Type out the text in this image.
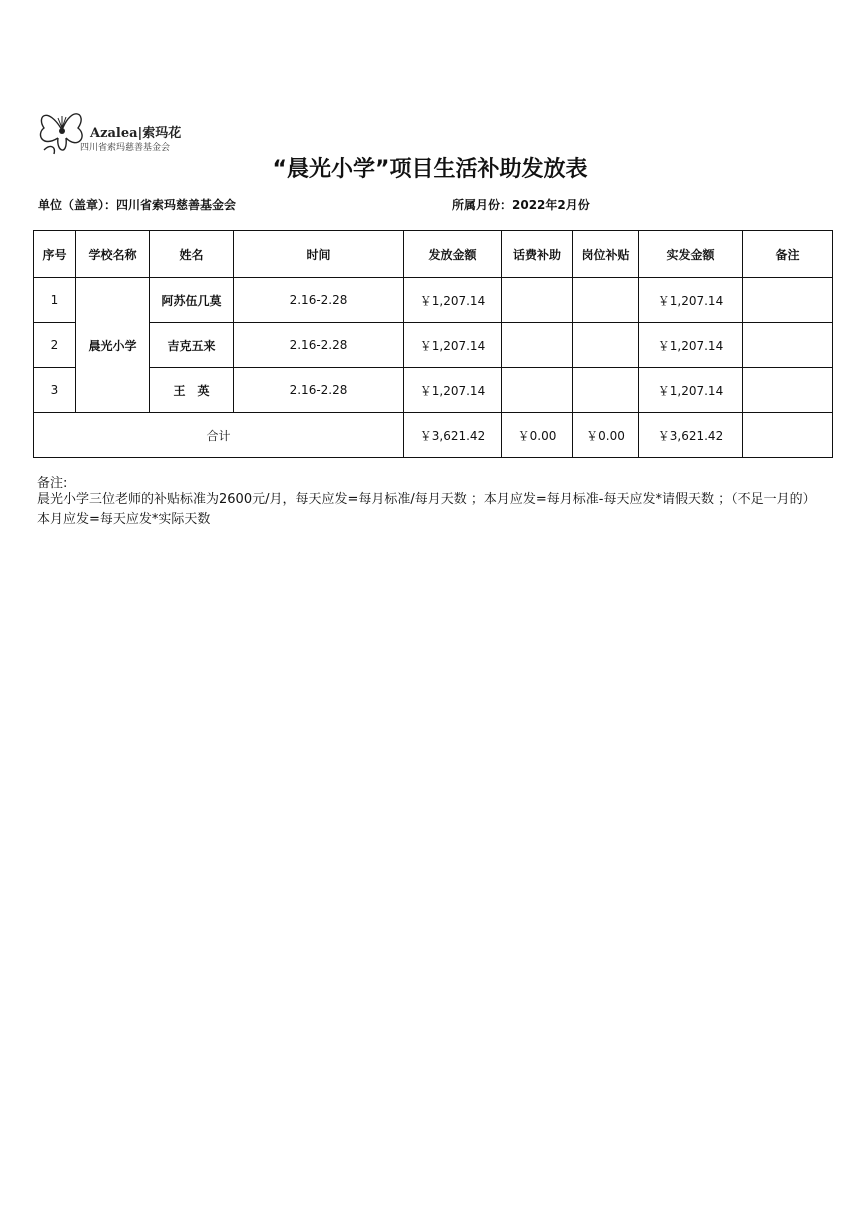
Azalea|索玛花
四川省索玛慈善基金会
“晨光小学”项目生活补助发放表
单位（盖章）：四川省索玛慈善基金会	所属月份：2022年2月份
序号	学校名称	姓名	时间	发放金额	话费补助	岗位补贴	实发金额	备注
1	晨光小学	阿苏伍几莫	2.16-2.28	￥1,207.14			￥1,207.14	
2		吉克五来	2.16-2.28	￥1,207.14			￥1,207.14	
3		王　英	2.16-2.28	￥1,207.14			￥1,207.14	
合计				￥3,621.42	￥0.00	￥0.00	￥3,621.42	
备注:
晨光小学三位老师的补贴标准为2600元/月，每天应发=每月标准/每月天数 ；本月应发=每月标准-每天应发*请假天数 ；（不足一月的）本月应发=每天应发*实际天数
